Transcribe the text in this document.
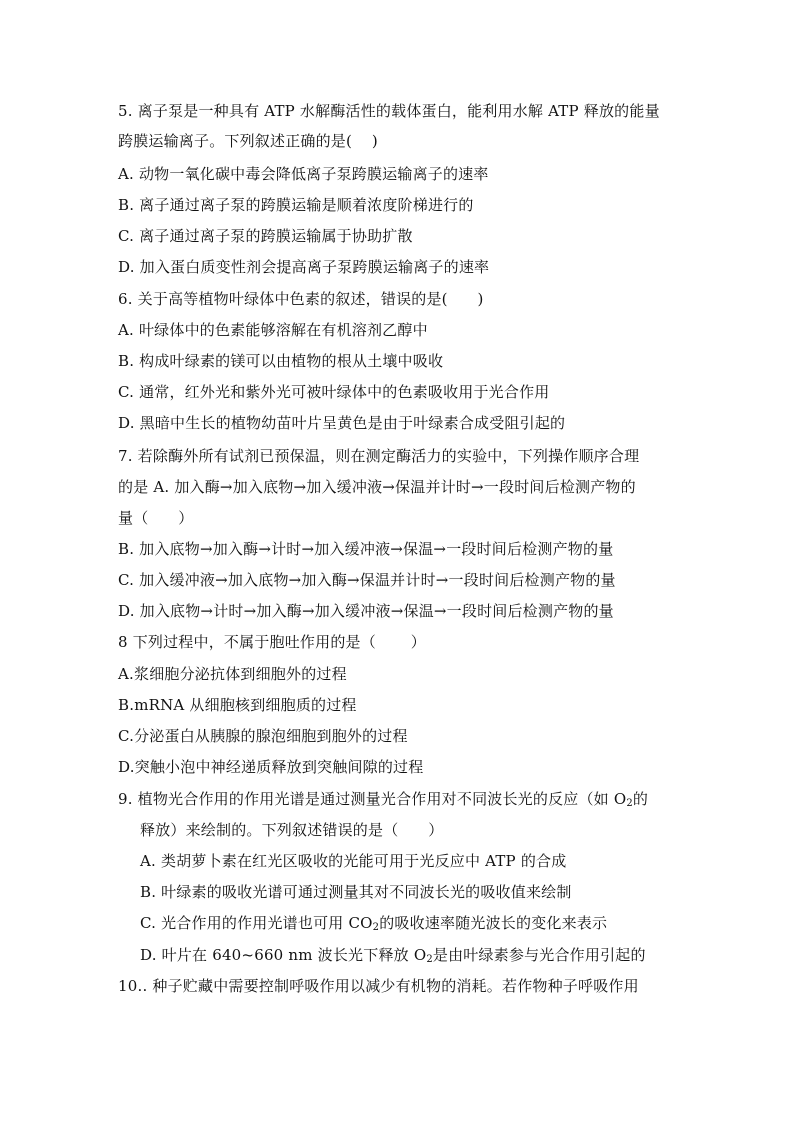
5. 离子泵是一种具有 ATP 水解酶活性的载体蛋白，能利用水解 ATP 释放的能量
跨膜运输离子。下列叙述正确的是(    )
A. 动物一氧化碳中毒会降低离子泵跨膜运输离子的速率
B. 离子通过离子泵的跨膜运输是顺着浓度阶梯进行的
C. 离子通过离子泵的跨膜运输属于协助扩散
D. 加入蛋白质变性剂会提高离子泵跨膜运输离子的速率
6. 关于高等植物叶绿体中色素的叙述，错误的是(      )
A. 叶绿体中的色素能够溶解在有机溶剂乙醇中
B. 构成叶绿素的镁可以由植物的根从土壤中吸收
C. 通常，红外光和紫外光可被叶绿体中的色素吸收用于光合作用
D. 黑暗中生长的植物幼苗叶片呈黄色是由于叶绿素合成受阻引起的
7. 若除酶外所有试剂已预保温，则在测定酶活力的实验中，下列操作顺序合理
的是 A. 加入酶→加入底物→加入缓冲液→保温并计时→一段时间后检测产物的
量（      ）
B. 加入底物→加入酶→计时→加入缓冲液→保温→一段时间后检测产物的量
C. 加入缓冲液→加入底物→加入酶→保温并计时→一段时间后检测产物的量
D. 加入底物→计时→加入酶→加入缓冲液→保温→一段时间后检测产物的量
8 下列过程中，不属于胞吐作用的是（       ）
A.浆细胞分泌抗体到细胞外的过程
B.mRNA 从细胞核到细胞质的过程
C.分泌蛋白从胰腺的腺泡细胞到胞外的过程
D.突触小泡中神经递质释放到突触间隙的过程
9. 植物光合作用的作用光谱是通过测量光合作用对不同波长光的反应（如 $O_2$的
释放）来绘制的。下列叙述错误的是（      ）
A. 类胡萝卜素在红光区吸收的光能可用于光反应中 ATP 的合成
B. 叶绿素的吸收光谱可通过测量其对不同波长光的吸收值来绘制
C. 光合作用的作用光谱也可用 $CO_2$的吸收速率随光波长的变化来表示
D. 叶片在 640~660 nm 波长光下释放 $O_2$是由叶绿素参与光合作用引起的
10.. 种子贮藏中需要控制呼吸作用以减少有机物的消耗。若作物种子呼吸作用
